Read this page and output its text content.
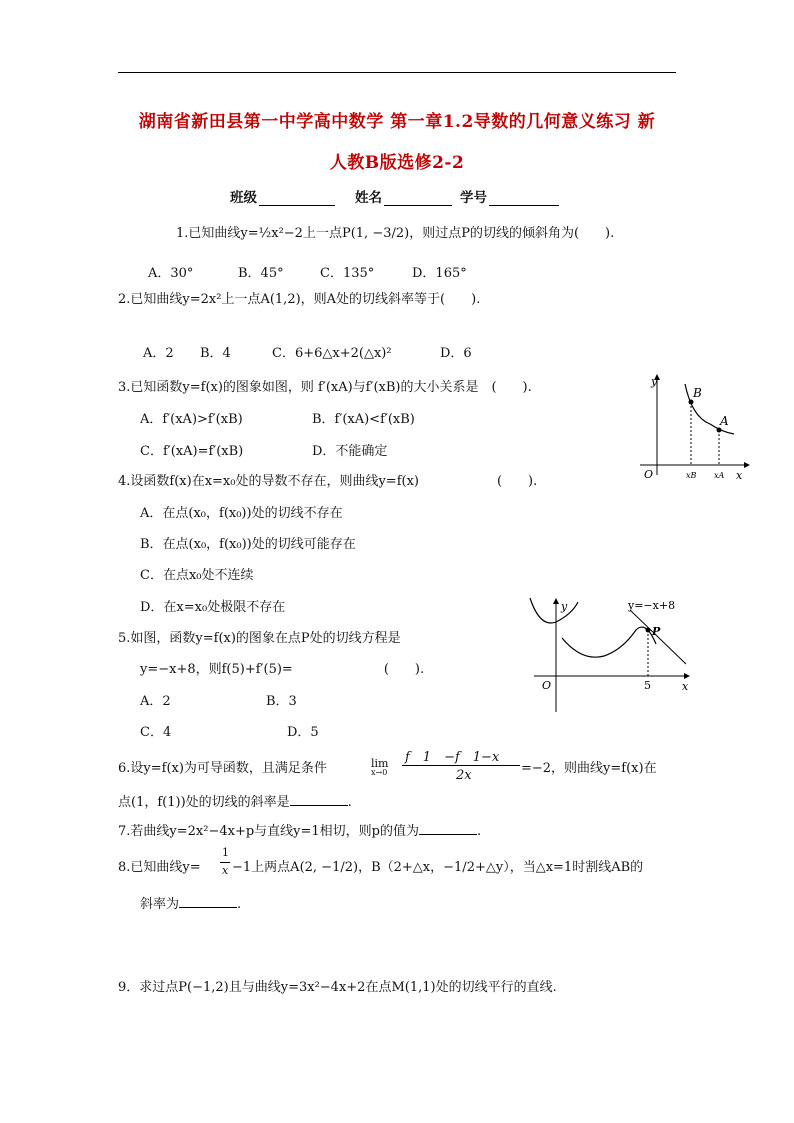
湖南省新田县第一中学高中数学 第一章1.2导数的几何意义练习 新
人教B版选修2-2
班级	姓名	学号
1.已知曲线y=½x²−2上一点P(1, −3/2)，则过点P的切线的倾斜角为(　　).
A．30°	B．45°	C．135°	D．165°
2.已知曲线y=2x²上一点A(1,2)，则A处的切线斜率等于(　　).
A．2 B．4	C．6+6△x+2(△x)²	D．6
3.已知函数y=f(x)的图象如图，则 f′(xA)与f′(xB)的大小关系是　(　　).
A．f′(xA)>f′(xB)	B．f′(xA)<f′(xB)
C．f′(xA)=f′(xB)	D．不能确定
y
x
O
B
A
xB xA
4.设函数f(x)在x=x₀处的导数不存在，则曲线y=f(x)　　　　　　(　　).
A．在点(x₀，f(x₀))处的切线不存在
B．在点(x₀，f(x₀))处的切线可能存在
C．在点x₀处不连续
D．在x=x₀处极限不存在
5.如图，函数y=f(x)的图象在点P处的切线方程是
y=−x+8，则f(5)+f′(5)=　　　　　　　(　　).
A．2	B．3
C．4	D．5
y
x
O
P
5
y=−x+8
6.设y=f(x)为可导函数，且满足条件	lim
x→0
f　1　−f　1−x
2x	=−2，则曲线y=f(x)在
点(1，f(1))处的切线的斜率是	.
7.若曲线y=2x²−4x+p与直线y=1相切，则p的值为	.
8.已知曲线y=
1
x −1上两点A(2, −1/2)，B（2+△x，−1/2+△y），当△x=1时割线AB的
斜率为	.
9．求过点P(−1,2)且与曲线y=3x²−4x+2在点M(1,1)处的切线平行的直线.
